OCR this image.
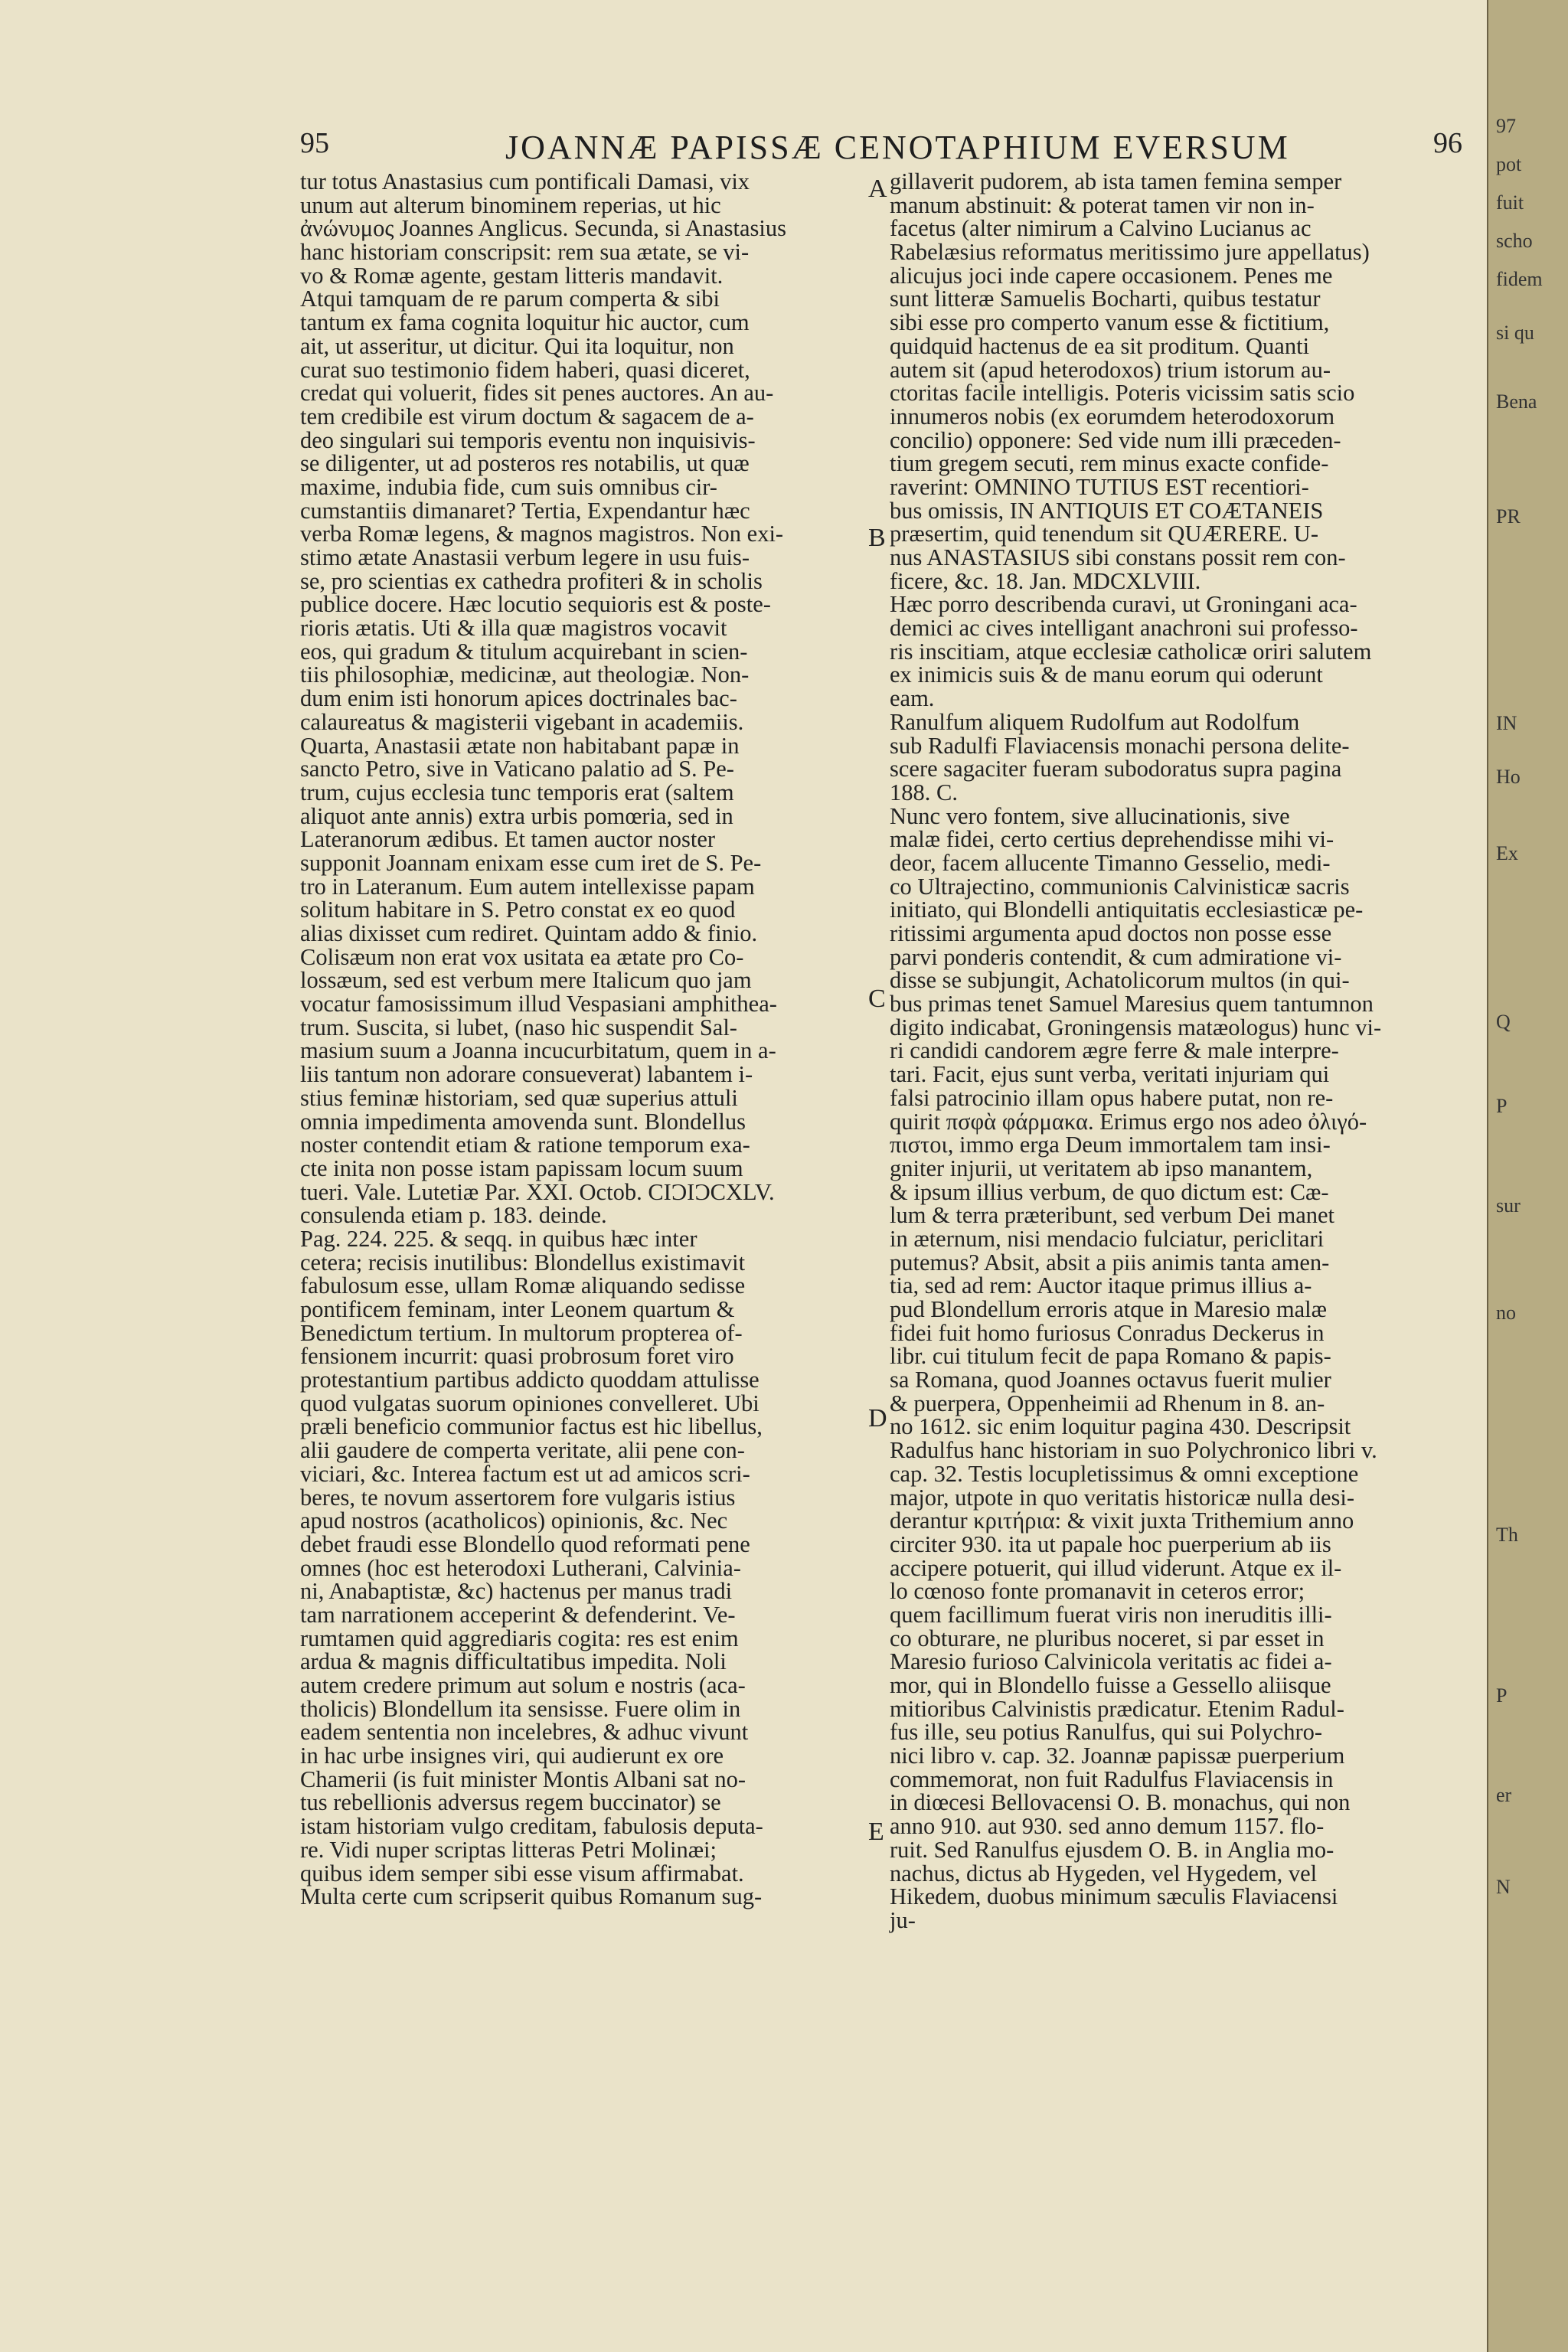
95	JOANNÆ PAPISSÆ CENOTAPHIUM EVERSUM	96
tur totus Anastasius cum pontificali Damasi, vix
unum aut alterum binominem reperias, ut hic
ἀνώνυμος Joannes Anglicus. Secunda, si Anastasius
hanc historiam conscripsit: rem sua ætate, se vi-
vo & Romæ agente, gestam litteris mandavit.
Atqui tamquam de re parum comperta & sibi
tantum ex fama cognita loquitur hic auctor, cum
ait, ut asseritur, ut dicitur. Qui ita loquitur, non
curat suo testimonio fidem haberi, quasi diceret,
credat qui voluerit, fides sit penes auctores. An au-
tem credibile est virum doctum & sagacem de a-
deo singulari sui temporis eventu non inquisivis-
se diligenter, ut ad posteros res notabilis, ut quæ
maxime, indubia fide, cum suis omnibus cir-
cumstantiis dimanaret? Tertia, Expendantur hæc
verba Romæ legens, & magnos magistros. Non exi-
stimo ætate Anastasii verbum legere in usu fuis-
se, pro scientias ex cathedra profiteri & in scholis
publice docere. Hæc locutio sequioris est & poste-
rioris ætatis. Uti & illa quæ magistros vocavit
eos, qui gradum & titulum acquirebant in scien-
tiis philosophiæ, medicinæ, aut theologiæ. Non-
dum enim isti honorum apices doctrinales bac-
calaureatus & magisterii vigebant in academiis.
Quarta, Anastasii ætate non habitabant papæ in
sancto Petro, sive in Vaticano palatio ad S. Pe-
trum, cujus ecclesia tunc temporis erat (saltem
aliquot ante annis) extra urbis pomœria, sed in
Lateranorum ædibus. Et tamen auctor noster
supponit Joannam enixam esse cum iret de S. Pe-
tro in Lateranum. Eum autem intellexisse papam
solitum habitare in S. Petro constat ex eo quod
alias dixisset cum rediret. Quintam addo & finio.
Colisæum non erat vox usitata ea ætate pro Co-
lossæum, sed est verbum mere Italicum quo jam
vocatur famosissimum illud Vespasiani amphithea-
trum. Suscita, si lubet, (naso hic suspendit Sal-
masium suum a Joanna incucurbitatum, quem in a-
liis tantum non adorare consueverat) labantem i-
stius feminæ historiam, sed quæ superius attuli
omnia impedimenta amovenda sunt. Blondellus
noster contendit etiam & ratione temporum exa-
cte inita non posse istam papissam locum suum
tueri. Vale. Lutetiæ Par. XXI. Octob. CIƆIƆCXLV.
consulenda etiam p. 183. deinde.
Pag. 224. 225. & seqq. in quibus hæc inter
cetera; recisis inutilibus: Blondellus existimavit
fabulosum esse, ullam Romæ aliquando sedisse
pontificem feminam, inter Leonem quartum &
Benedictum tertium. In multorum propterea of-
fensionem incurrit: quasi probrosum foret viro
protestantium partibus addicto quoddam attulisse
quod vulgatas suorum opiniones convelleret. Ubi
præli beneficio communior factus est hic libellus,
alii gaudere de comperta veritate, alii pene con-
viciari, &c. Interea factum est ut ad amicos scri-
beres, te novum assertorem fore vulgaris istius
apud nostros (acatholicos) opinionis, &c. Nec
debet fraudi esse Blondello quod reformati pene
omnes (hoc est heterodoxi Lutherani, Calvinia-
ni, Anabaptistæ, &c) hactenus per manus tradi
tam narrationem acceperint & defenderint. Ve-
rumtamen quid aggrediaris cogita: res est enim
ardua & magnis difficultatibus impedita. Noli
autem credere primum aut solum e nostris (aca-
tholicis) Blondellum ita sensisse. Fuere olim in
eadem sententia non incelebres, & adhuc vivunt
in hac urbe insignes viri, qui audierunt ex ore
Chamerii (is fuit minister Montis Albani sat no-
tus rebellionis adversus regem buccinator) se
istam historiam vulgo creditam, fabulosis deputa-
re. Vidi nuper scriptas litteras Petri Molinæi;
quibus idem semper sibi esse visum affirmabat.
Multa certe cum scripserit quibus Romanum sug-
gillaverit pudorem, ab ista tamen femina semper
manum abstinuit: & poterat tamen vir non in-
facetus (alter nimirum a Calvino Lucianus ac
Rabelæsius reformatus meritissimo jure appellatus)
alicujus joci inde capere occasionem. Penes me
sunt litteræ Samuelis Bocharti, quibus testatur
sibi esse pro comperto vanum esse & fictitium,
quidquid hactenus de ea sit proditum. Quanti
autem sit (apud heterodoxos) trium istorum au-
ctoritas facile intelligis. Poteris vicissim satis scio
innumeros nobis (ex eorumdem heterodoxorum
concilio) opponere: Sed vide num illi præceden-
tium gregem secuti, rem minus exacte confide-
raverint: OMNINO TUTIUS EST recentiori-
bus omissis, IN ANTIQUIS ET COÆTANEIS
præsertim, quid tenendum sit QUÆRERE. U-
nus ANASTASIUS sibi constans possit rem con-
ficere, &c. 18. Jan. MDCXLVIII.
Hæc porro describenda curavi, ut Groningani aca-
demici ac cives intelligant anachroni sui professo-
ris inscitiam, atque ecclesiæ catholicæ oriri salutem
ex inimicis suis & de manu eorum qui oderunt
eam.
Ranulfum aliquem Rudolfum aut Rodolfum
sub Radulfi Flaviacensis monachi persona delite-
scere sagaciter fueram subodoratus supra pagina
188. C.
Nunc vero fontem, sive allucinationis, sive
malæ fidei, certo certius deprehendisse mihi vi-
deor, facem allucente Timanno Gesselio, medi-
co Ultrajectino, communionis Calvinisticæ sacris
initiato, qui Blondelli antiquitatis ecclesiasticæ pe-
ritissimi argumenta apud doctos non posse esse
parvi ponderis contendit, & cum admiratione vi-
disse se subjungit, Achatolicorum multos (in qui-
bus primas tenet Samuel Maresius quem tantumnon
digito indicabat, Groningensis matæologus) hunc vi-
ri candidi candorem ægre ferre & male interpre-
tari. Facit, ejus sunt verba, veritati injuriam qui
falsi patrocinio illam opus habere putat, non re-
quirit πσφὰ φάρμακα. Erimus ergo nos adeo ὀλιγό-
πιστοι, immo erga Deum immortalem tam insi-
gniter injurii, ut veritatem ab ipso manantem,
& ipsum illius verbum, de quo dictum est: Cæ-
lum & terra præteribunt, sed verbum Dei manet
in æternum, nisi mendacio fulciatur, periclitari
putemus? Absit, absit a piis animis tanta amen-
tia, sed ad rem: Auctor itaque primus illius a-
pud Blondellum erroris atque in Maresio malæ
fidei fuit homo furiosus Conradus Deckerus in
libr. cui titulum fecit de papa Romano & papis-
sa Romana, quod Joannes octavus fuerit mulier
& puerpera, Oppenheimii ad Rhenum in 8. an-
no 1612. sic enim loquitur pagina 430. Descripsit
Radulfus hanc historiam in suo Polychronico libri v.
cap. 32. Testis locupletissimus & omni exceptione
major, utpote in quo veritatis historicæ nulla desi-
derantur κριτήρια: & vixit juxta Trithemium anno
circiter 930. ita ut papale hoc puerperium ab iis
accipere potuerit, qui illud viderunt. Atque ex il-
lo cœnoso fonte promanavit in ceteros error;
quem facillimum fuerat viris non ineruditis illi-
co obturare, ne pluribus noceret, si par esset in
Maresio furioso Calvinicola veritatis ac fidei a-
mor, qui in Blondello fuisse a Gessello aliisque
mitioribus Calvinistis prædicatur. Etenim Radul-
fus ille, seu potius Ranulfus, qui sui Polychro-
nici libro v. cap. 32. Joannæ papissæ puerperium
commemorat, non fuit Radulfus Flaviacensis in
in diœcesi Bellovacensi O. B. monachus, qui non
anno 910. aut 930. sed anno demum 1157. flo-
ruit. Sed Ranulfus ejusdem O. B. in Anglia mo-
nachus, dictus ab Hygeden, vel Hygedem, vel
Hikedem, duobus minimum sæculis Flaviacensi
ju-
A
B
C
D
E
97
pot
fuit
scho
fidem
si qu
Bena
PR
IN
Ho
Ex
Q
P
sur
no
Th
P
er
N
